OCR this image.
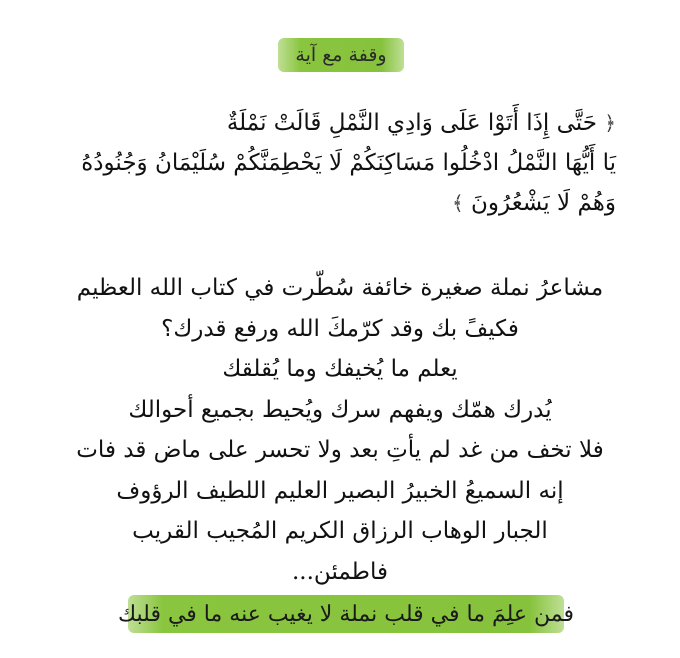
وقفة مع آية
﴿ حَتَّى إِذَا أَتَوْا عَلَى وَادِي النَّمْلِ قَالَتْ نَمْلَةٌ
يَا أَيُّهَا النَّمْلُ ادْخُلُوا مَسَاكِنَكُمْ لَا يَحْطِمَنَّكُمْ سُلَيْمَانُ وَجُنُودُهُ
وَهُمْ لَا يَشْعُرُونَ ﴾
مشاعرُ نملة صغيرة خائفة سُطّرت في كتاب الله العظيم
فكيفً بك وقد كرّمكَ الله ورفع قدرك؟
يعلم ما يُخيفك وما يُقلقك
يُدرك همّك ويفهم سرك ويُحيط بجميع أحوالك
فلا تخف من غد لم يأتِ بعد ولا تحسر على ماض قد فات
إنه السميعُ الخبيرُ البصير العليم اللطيف الرؤوف
الجبار الوهاب الرزاق الكريم المُجيب القريب
فاطمئن...
فمن علِمَ ما في قلب نملة لا يغيب عنه ما في قلبك
